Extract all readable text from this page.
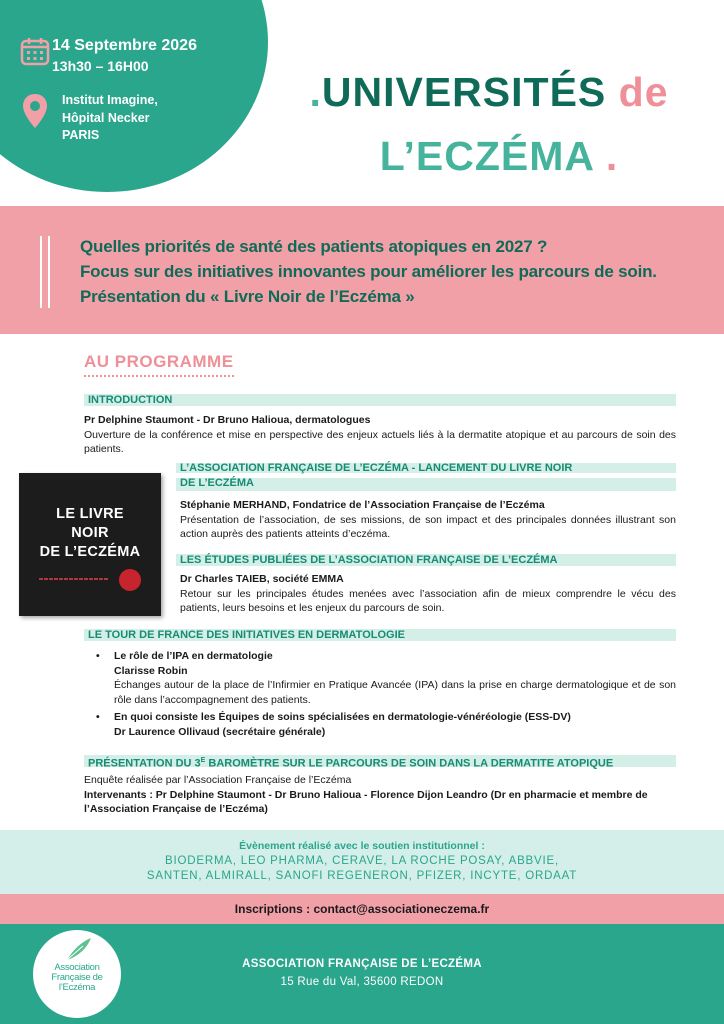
14 Septembre 2026
13h30 – 16H00
Institut Imagine,
Hôpital Necker
PARIS
.UNIVERSITÉS de
L’ECZÉMA .
Quelles priorités de santé des patients atopiques en 2027 ?
Focus sur des initiatives innovantes pour améliorer les parcours de soin.
Présentation du « Livre Noir de l’Eczéma »
AU PROGRAMME
INTRODUCTION
Pr Delphine Staumont - Dr Bruno Halioua, dermatologues
Ouverture de la conférence et mise en perspective des enjeux actuels liés à la dermatite atopique et au parcours de soin des patients.
LE LIVRE
NOIR
DE L’ECZÉMA
L’ASSOCIATION FRANÇAISE DE L’ECZÉMA - LANCEMENT DU LIVRE NOIR
DE L’ECZÉMA
Stéphanie MERHAND, Fondatrice de l’Association Française de l’Eczéma
Présentation de l’association, de ses missions, de son impact et des principales données illustrant son action auprès des patients atteints d’eczéma.
LES ÉTUDES PUBLIÉES DE L’ASSOCIATION FRANÇAISE DE L’ECZÉMA
Dr Charles TAIEB, société EMMA
Retour sur les principales études menées avec l’association afin de mieux comprendre le vécu des patients, leurs besoins et les enjeux du parcours de soin.
LE TOUR DE FRANCE DES INITIATIVES EN DERMATOLOGIE
• Le rôle de l’IPA en dermatologie
Clarisse Robin
Échanges autour de la place de l’Infirmier en Pratique Avancée (IPA) dans la prise en charge dermatologique et de son rôle dans l’accompagnement des patients.
• En quoi consiste les Équipes de soins spécialisées en dermatologie-vénéréologie (ESS-DV)
Dr Laurence Ollivaud (secrétaire générale)
PRÉSENTATION DU $3^E$ BAROMÈTRE SUR LE PARCOURS DE SOIN DANS LA DERMATITE ATOPIQUE
Enquête réalisée par l’Association Française de l’Eczéma
Intervenants : Pr Delphine Staumont - Dr Bruno Halioua - Florence Dijon Leandro (Dr en pharmacie et membre de l’Association Française de l’Eczéma)
Évènement réalisé avec le soutien institutionnel :
BIODERMA, LEO PHARMA, CERAVE, LA ROCHE POSAY, ABBVIE,
SANTEN, ALMIRALL, SANOFI REGENERON, PFIZER, INCYTE, ORDAAT
Inscriptions : contact@associationeczema.fr
Association
Française de
l’Eczéma
ASSOCIATION FRANÇAISE DE L’ECZÉMA
15 Rue du Val, 35600 REDON
